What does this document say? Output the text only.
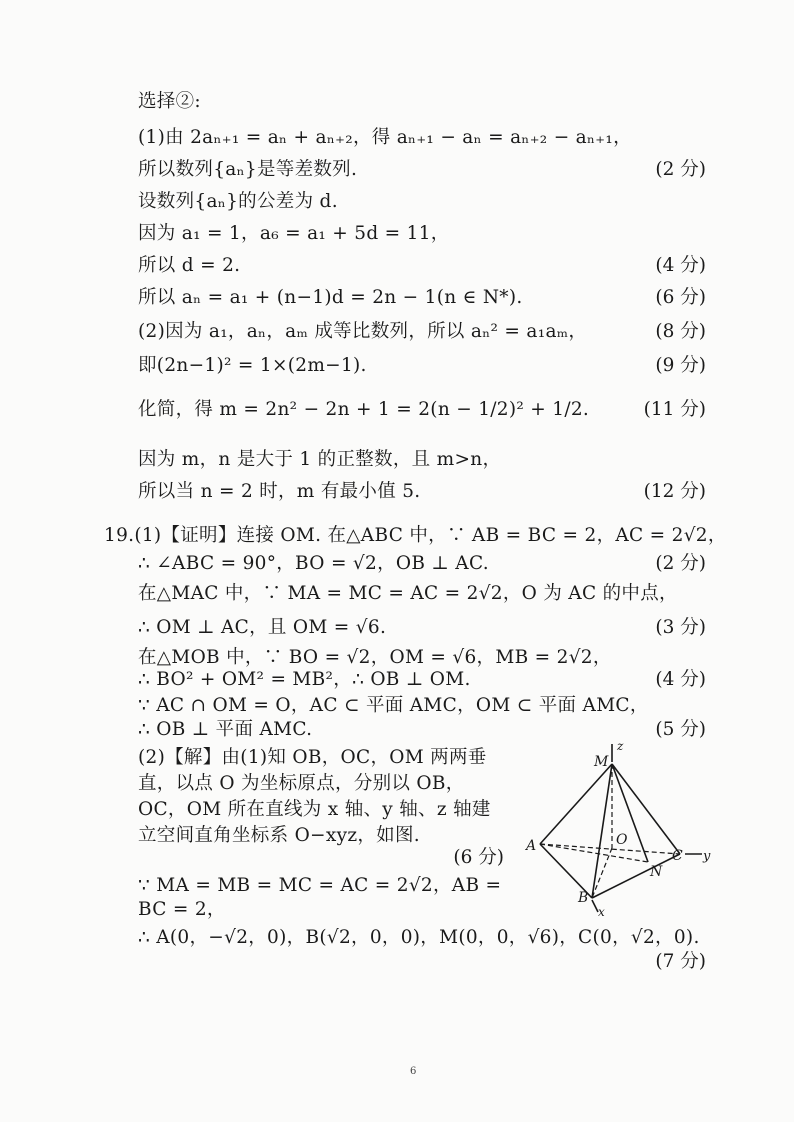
选择②:
(1)由 2aₙ₊₁ = aₙ + aₙ₊₂，得 aₙ₊₁ − aₙ = aₙ₊₂ − aₙ₊₁，
所以数列{aₙ}是等差数列.
设数列{aₙ}的公差为 d.
因为 a₁ = 1，a₆ = a₁ + 5d = 11，
所以 d = 2.
所以 aₙ = a₁ + (n−1)d = 2n − 1(n ∈ N*).
(2)因为 a₁，aₙ，aₘ 成等比数列，所以 aₙ² = a₁aₘ，
即(2n−1)² = 1×(2m−1).
化简，得 m = 2n² − 2n + 1 = 2(n − 1/2)² + 1/2.
因为 m，n 是大于 1 的正整数，且 m>n，
所以当 n = 2 时，m 有最小值 5.
19.(1)【证明】连接 OM. 在△ABC 中，∵ AB = BC = 2，AC = 2√2，
∴ ∠ABC = 90°，BO = √2，OB ⊥ AC.
在△MAC 中，∵ MA = MC = AC = 2√2，O 为 AC 的中点，
∴ OM ⊥ AC，且 OM = √6.
在△MOB 中，∵ BO = √2，OM = √6，MB = 2√2，
∴ BO² + OM² = MB²，∴ OB ⊥ OM.
∵ AC ∩ OM = O，AC ⊂ 平面 AMC，OM ⊂ 平面 AMC，
∴ OB ⊥ 平面 AMC.
(2)【解】由(1)知 OB，OC，OM 两两垂
直，以点 O 为坐标原点，分别以 OB，
OC，OM 所在直线为 x 轴、y 轴、z 轴建
立空间直角坐标系 O−xyz，如图.
∵ MA = MB = MC = AC = 2√2，AB =
BC = 2，
∴ A(0，−√2，0)，B(√2，0，0)，M(0，0，√6)，C(0，√2，0).
(2 分)
(4 分)
(6 分)
(8 分)
(9 分)
(11 分)
(12 分)
(2 分)
(3 分)
(4 分)
(5 分)
(6 分)
(7 分)
M
z
O
A
C y
N
B
x
6
